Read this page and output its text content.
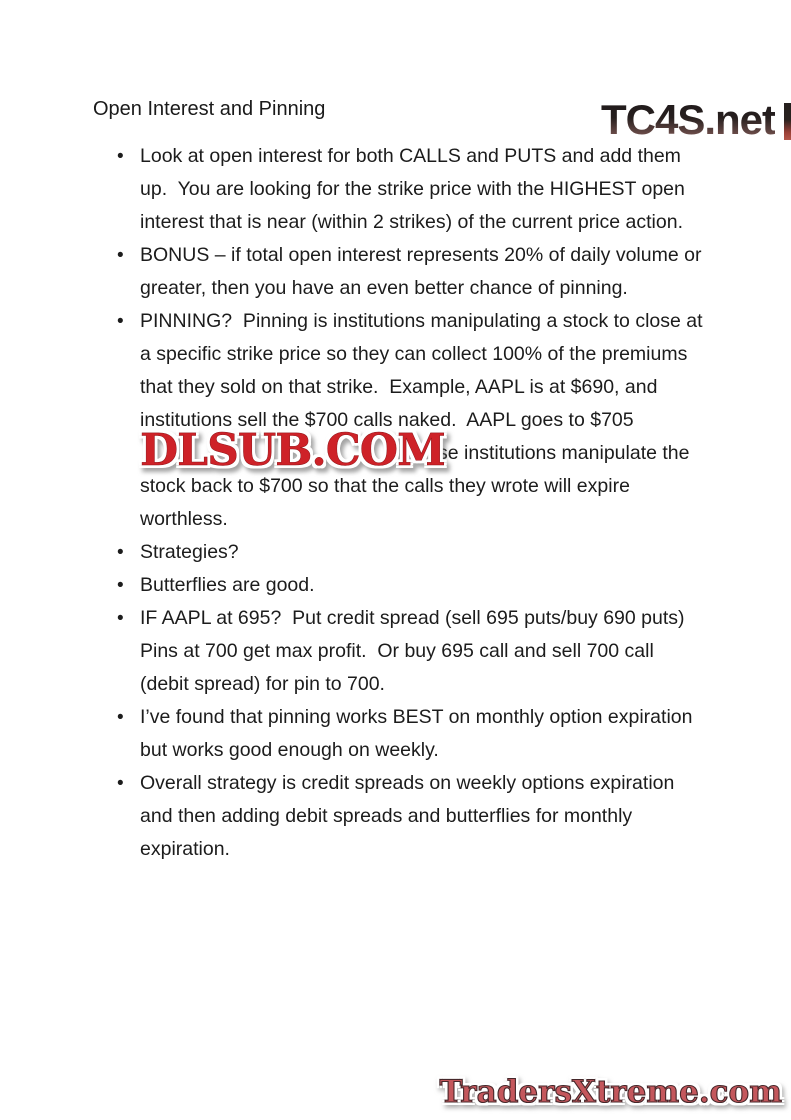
TC4S.net
Open Interest and Pinning
• Look at open interest for both CALLS and PUTS and add them up.  You are looking for the strike price with the HIGHEST open interest that is near (within 2 strikes) of the current price action.
• BONUS – if total open interest represents 20% of daily volume or greater, then you have an even better chance of pinning.
• PINNING?  Pinning is institutions manipulating a stock to close at a specific strike price so they can collect 100% of the premiums that they sold on that strike.  Example, AAPL is at $690, and institutions sell the $700 calls naked.  AAPL goes to $705
DLSUB.COM
se institutions manipulate the stock back to $700 so that the calls they wrote will expire worthless.
• Strategies?
• Butterflies are good.
• IF AAPL at 695?  Put credit spread (sell 695 puts/buy 690 puts)  Pins at 700 get max profit.  Or buy 695 call and sell 700 call (debit spread) for pin to 700.
• I’ve found that pinning works BEST on monthly option expiration but works good enough on weekly.
• Overall strategy is credit spreads on weekly options expiration and then adding debit spreads and butterflies for monthly expiration.
TradersXtreme.com
